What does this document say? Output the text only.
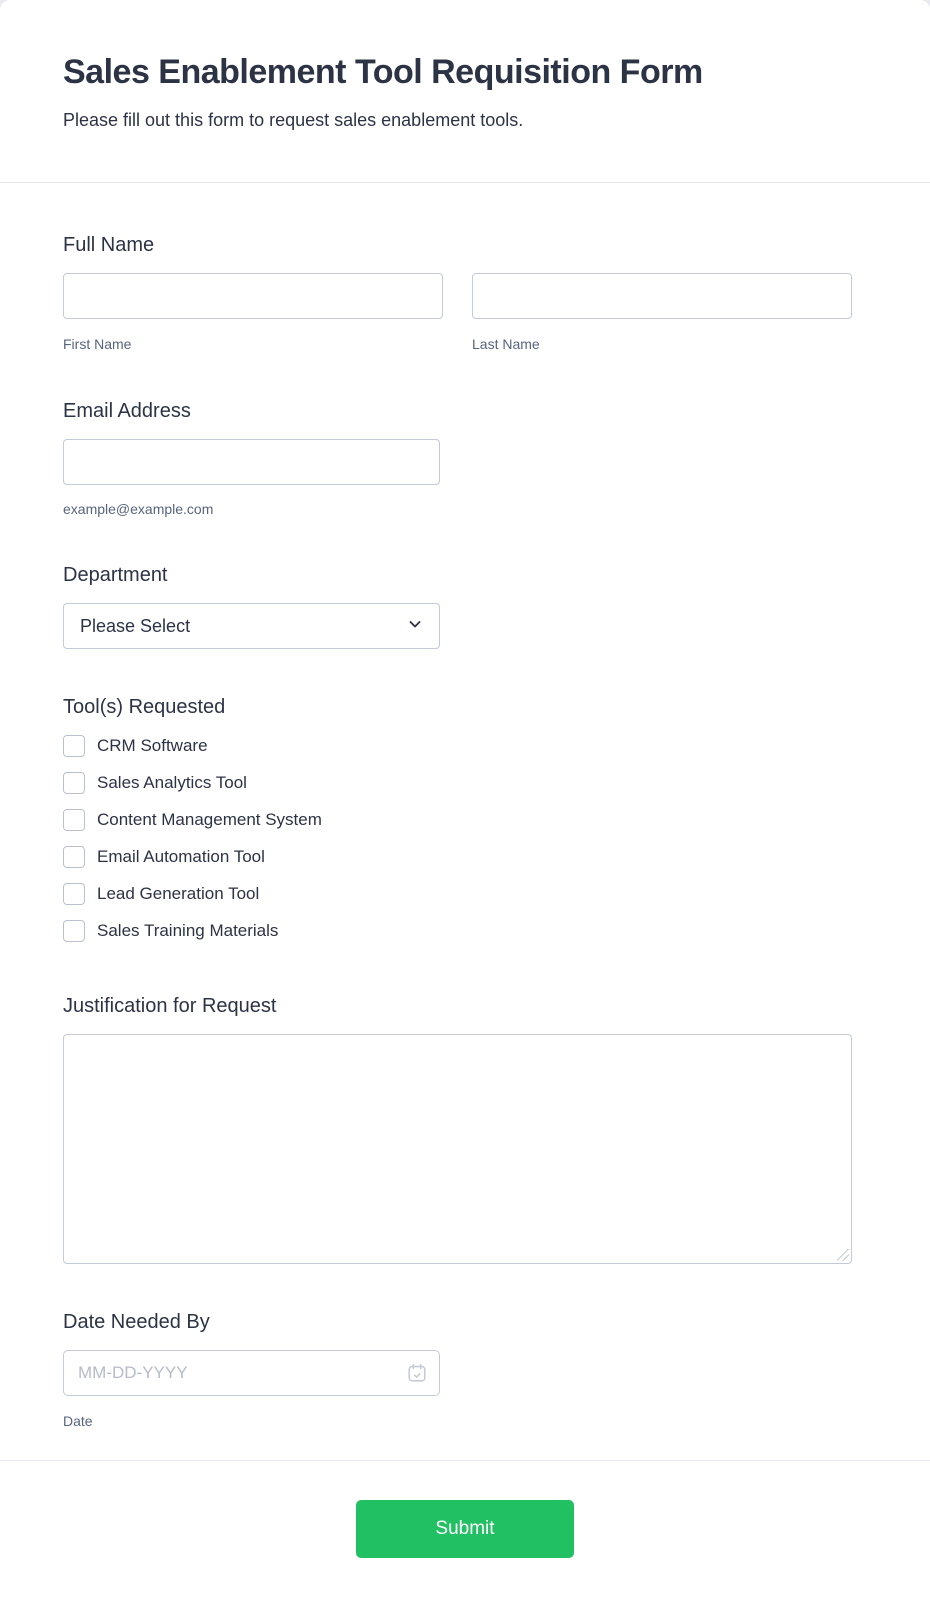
Sales Enablement Tool Requisition Form
Please fill out this form to request sales enablement tools.
Full Name
First Name	Last Name
Email Address
example@example.com
Department
Please Select
Tool(s) Requested
CRM Software
Sales Analytics Tool
Content Management System
Email Automation Tool
Lead Generation Tool
Sales Training Materials
Justification for Request
Date Needed By
MM-DD-YYYY
Date
Submit
